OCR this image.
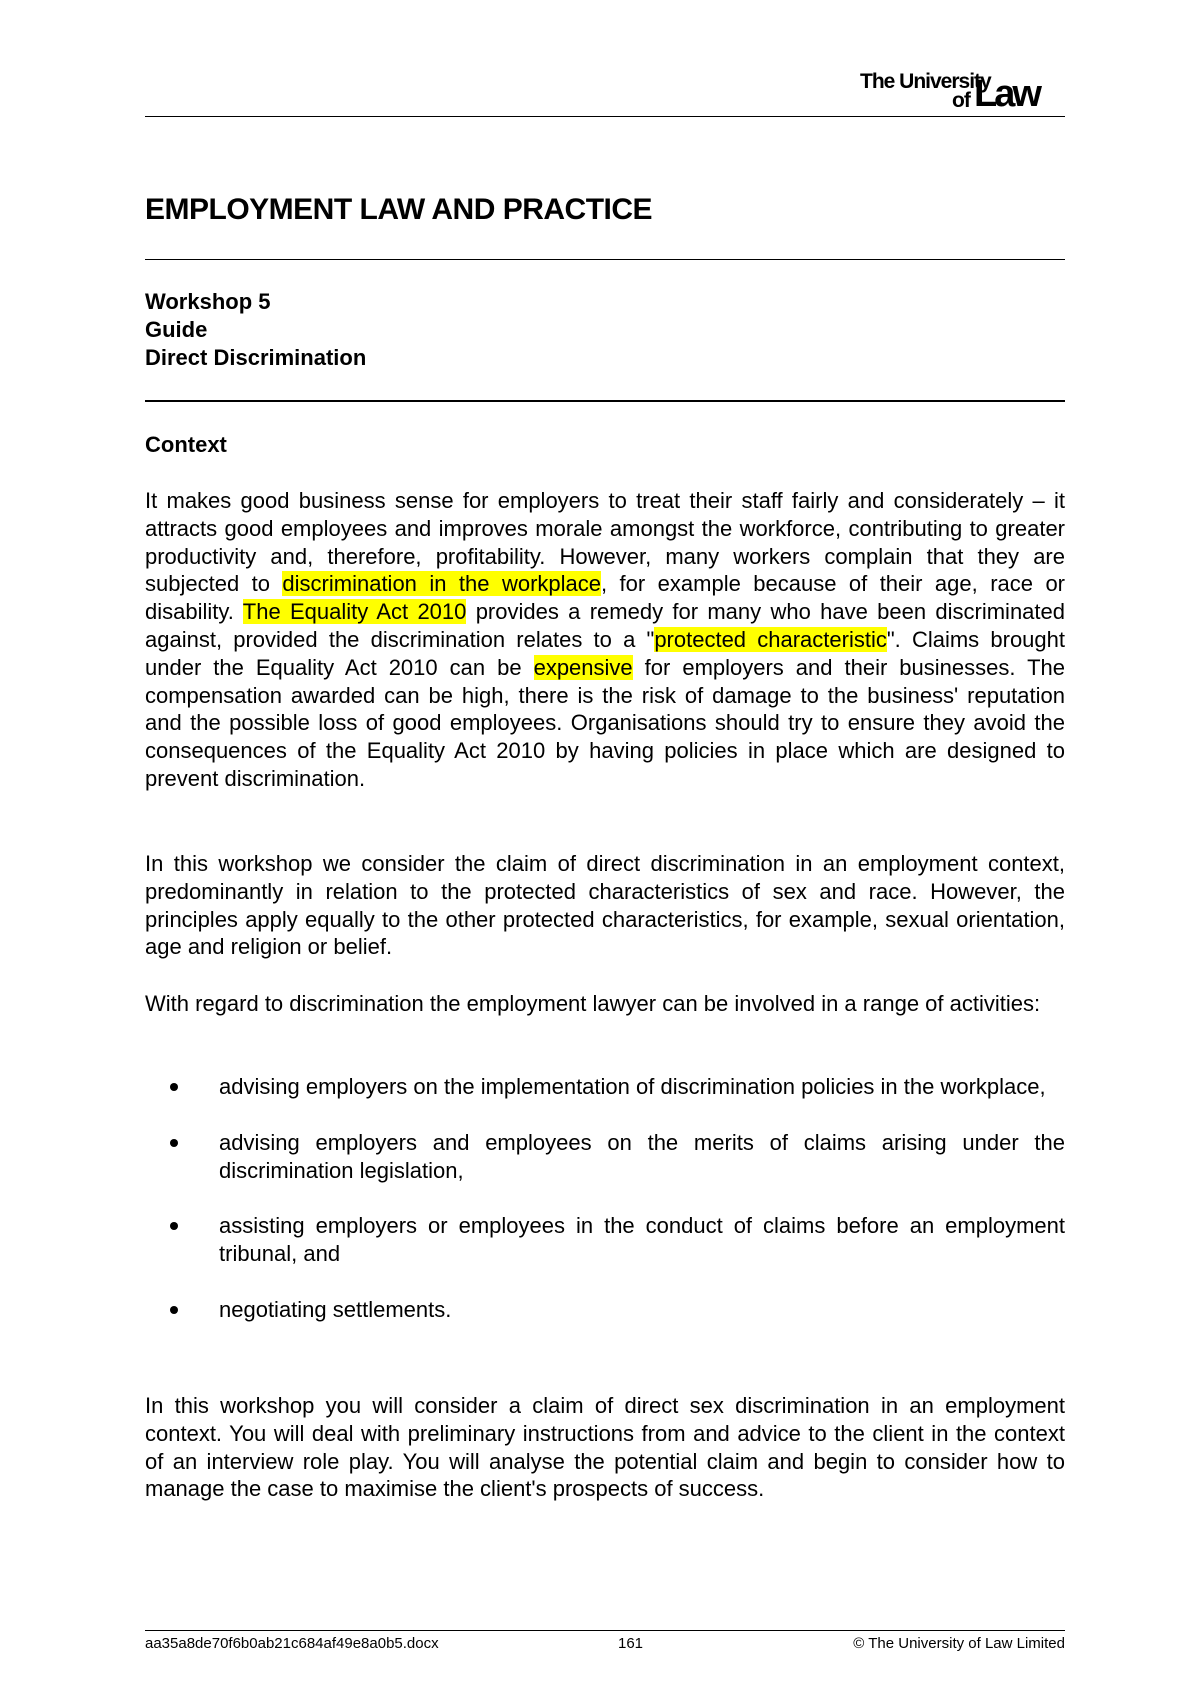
The University
of Law
EMPLOYMENT LAW AND PRACTICE
Workshop 5
Guide
Direct Discrimination
Context

It makes good business sense for employers to treat their staff fairly and considerately – it attracts good employees and improves morale amongst the workforce, contributing to greater productivity and, therefore, profitability. However, many workers complain that they are subjected to discrimination in the workplace, for example because of their age, race or disability. The Equality Act 2010 provides a remedy for many who have been discriminated against, provided the discrimination relates to a "protected characteristic". Claims brought under the Equality Act 2010 can be expensive for employers and their businesses. The compensation awarded can be high, there is the risk of damage to the business' reputation and the possible loss of good employees. Organisations should try to ensure they avoid the consequences of the Equality Act 2010 by having policies in place which are designed to prevent discrimination.

In this workshop we consider the claim of direct discrimination in an employment context, predominantly in relation to the protected characteristics of sex and race. However, the principles apply equally to the other protected characteristics, for example, sexual orientation, age and religion or belief.

With regard to discrimination the employment lawyer can be involved in a range of activities:

advising employers on the implementation of discrimination policies in the workplace,
advising employers and employees on the merits of claims arising under the discrimination legislation,
assisting employers or employees in the conduct of claims before an employment tribunal, and
negotiating settlements.

In this workshop you will consider a claim of direct sex discrimination in an employment context. You will deal with preliminary instructions from and advice to the client in the context of an interview role play. You will analyse the potential claim and begin to consider how to manage the case to maximise the client's prospects of success.

aa35a8de70f6b0ab21c684af49e8a0b5.docx	161	© The University of Law Limited
